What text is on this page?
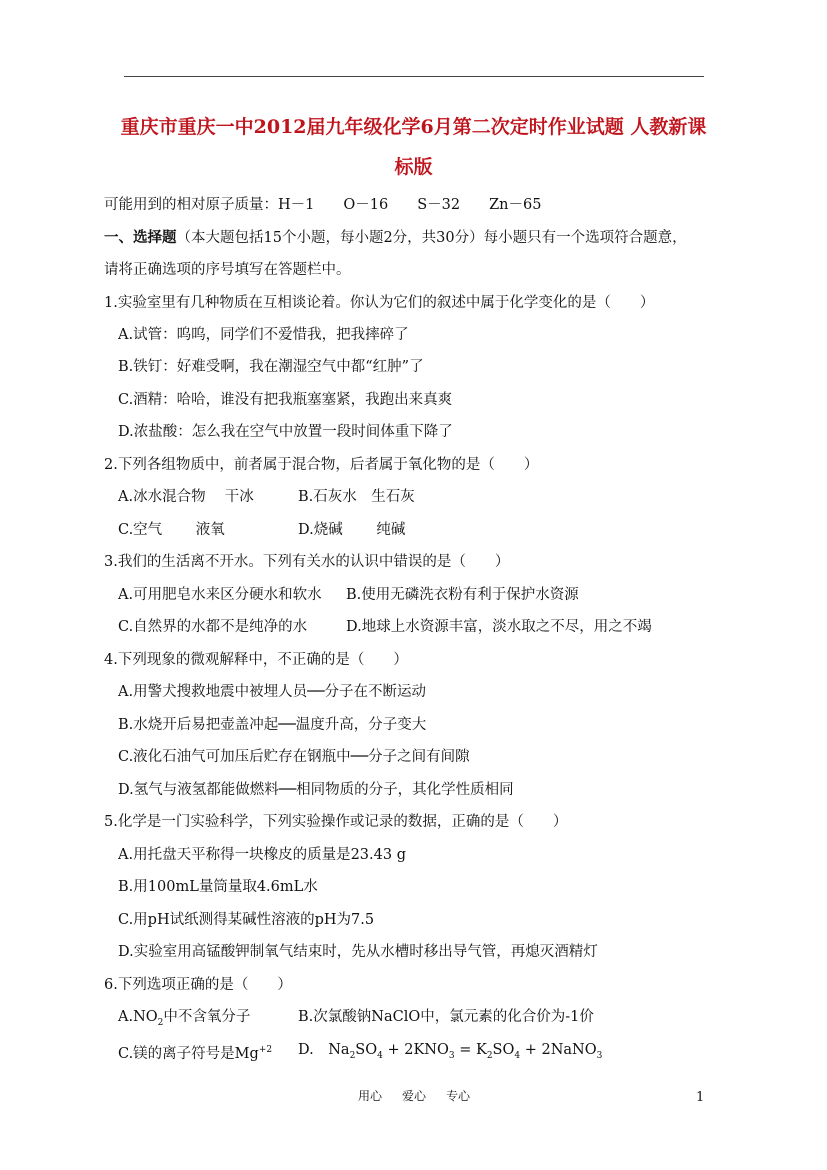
重庆市重庆一中2012届九年级化学6月第二次定时作业试题 人教新课
标版
可能用到的相对原子质量：H－1　　O－16　　S－32　　Zn－65
一、选择题（本大题包括15个小题，每小题2分，共30分）每小题只有一个选项符合题意，
请将正确选项的序号填写在答题栏中。
1.实验室里有几种物质在互相谈论着。你认为它们的叙述中属于化学变化的是（　　）
A.试管：呜呜，同学们不爱惜我，把我摔碎了
B.铁钉：好难受啊，我在潮湿空气中都“红肿”了
C.酒精：哈哈，谁没有把我瓶塞塞紧，我跑出来真爽
D.浓盐酸：怎么我在空气中放置一段时间体重下降了
2.下列各组物质中，前者属于混合物，后者属于氧化物的是（　　）
A.冰水混合物　 干冰	B.石灰水　生石灰
C.空气　　 液氧	D.烧碱　　 纯碱
3.我们的生活离不开水。下列有关水的认识中错误的是（　　）
A.可用肥皂水来区分硬水和软水 B.使用无磷洗衣粉有利于保护水资源
C.自然界的水都不是纯净的水	D.地球上水资源丰富，淡水取之不尽，用之不竭
4.下列现象的微观解释中，不正确的是（　　）
A.用警犬搜救地震中被埋人员──分子在不断运动
B.水烧开后易把壶盖冲起──温度升高，分子变大
C.液化石油气可加压后贮存在钢瓶中──分子之间有间隙
D.氢气与液氢都能做燃料──相同物质的分子，其化学性质相同
5.化学是一门实验科学，下列实验操作或记录的数据，正确的是（　　）
A.用托盘天平称得一块橡皮的质量是23.43 g
B.用100mL量筒量取4.6mL水
C.用pH试纸测得某碱性溶液的pH为7.5
D.实验室用高锰酸钾制氧气结束时，先从水槽时移出导气管，再熄灭酒精灯
6.下列选项正确的是（　　）
$A.NO_2$中不含氧分子	B.次氯酸钠NaClO中，氯元素的化合价为-1价
C.镁的离子符号是$Mg^{+2}$ D.　$Na_2SO_4 + 2KNO_3 = K_2SO_4$ + 2NaNO$_3$
用心 爱心 专心	1
